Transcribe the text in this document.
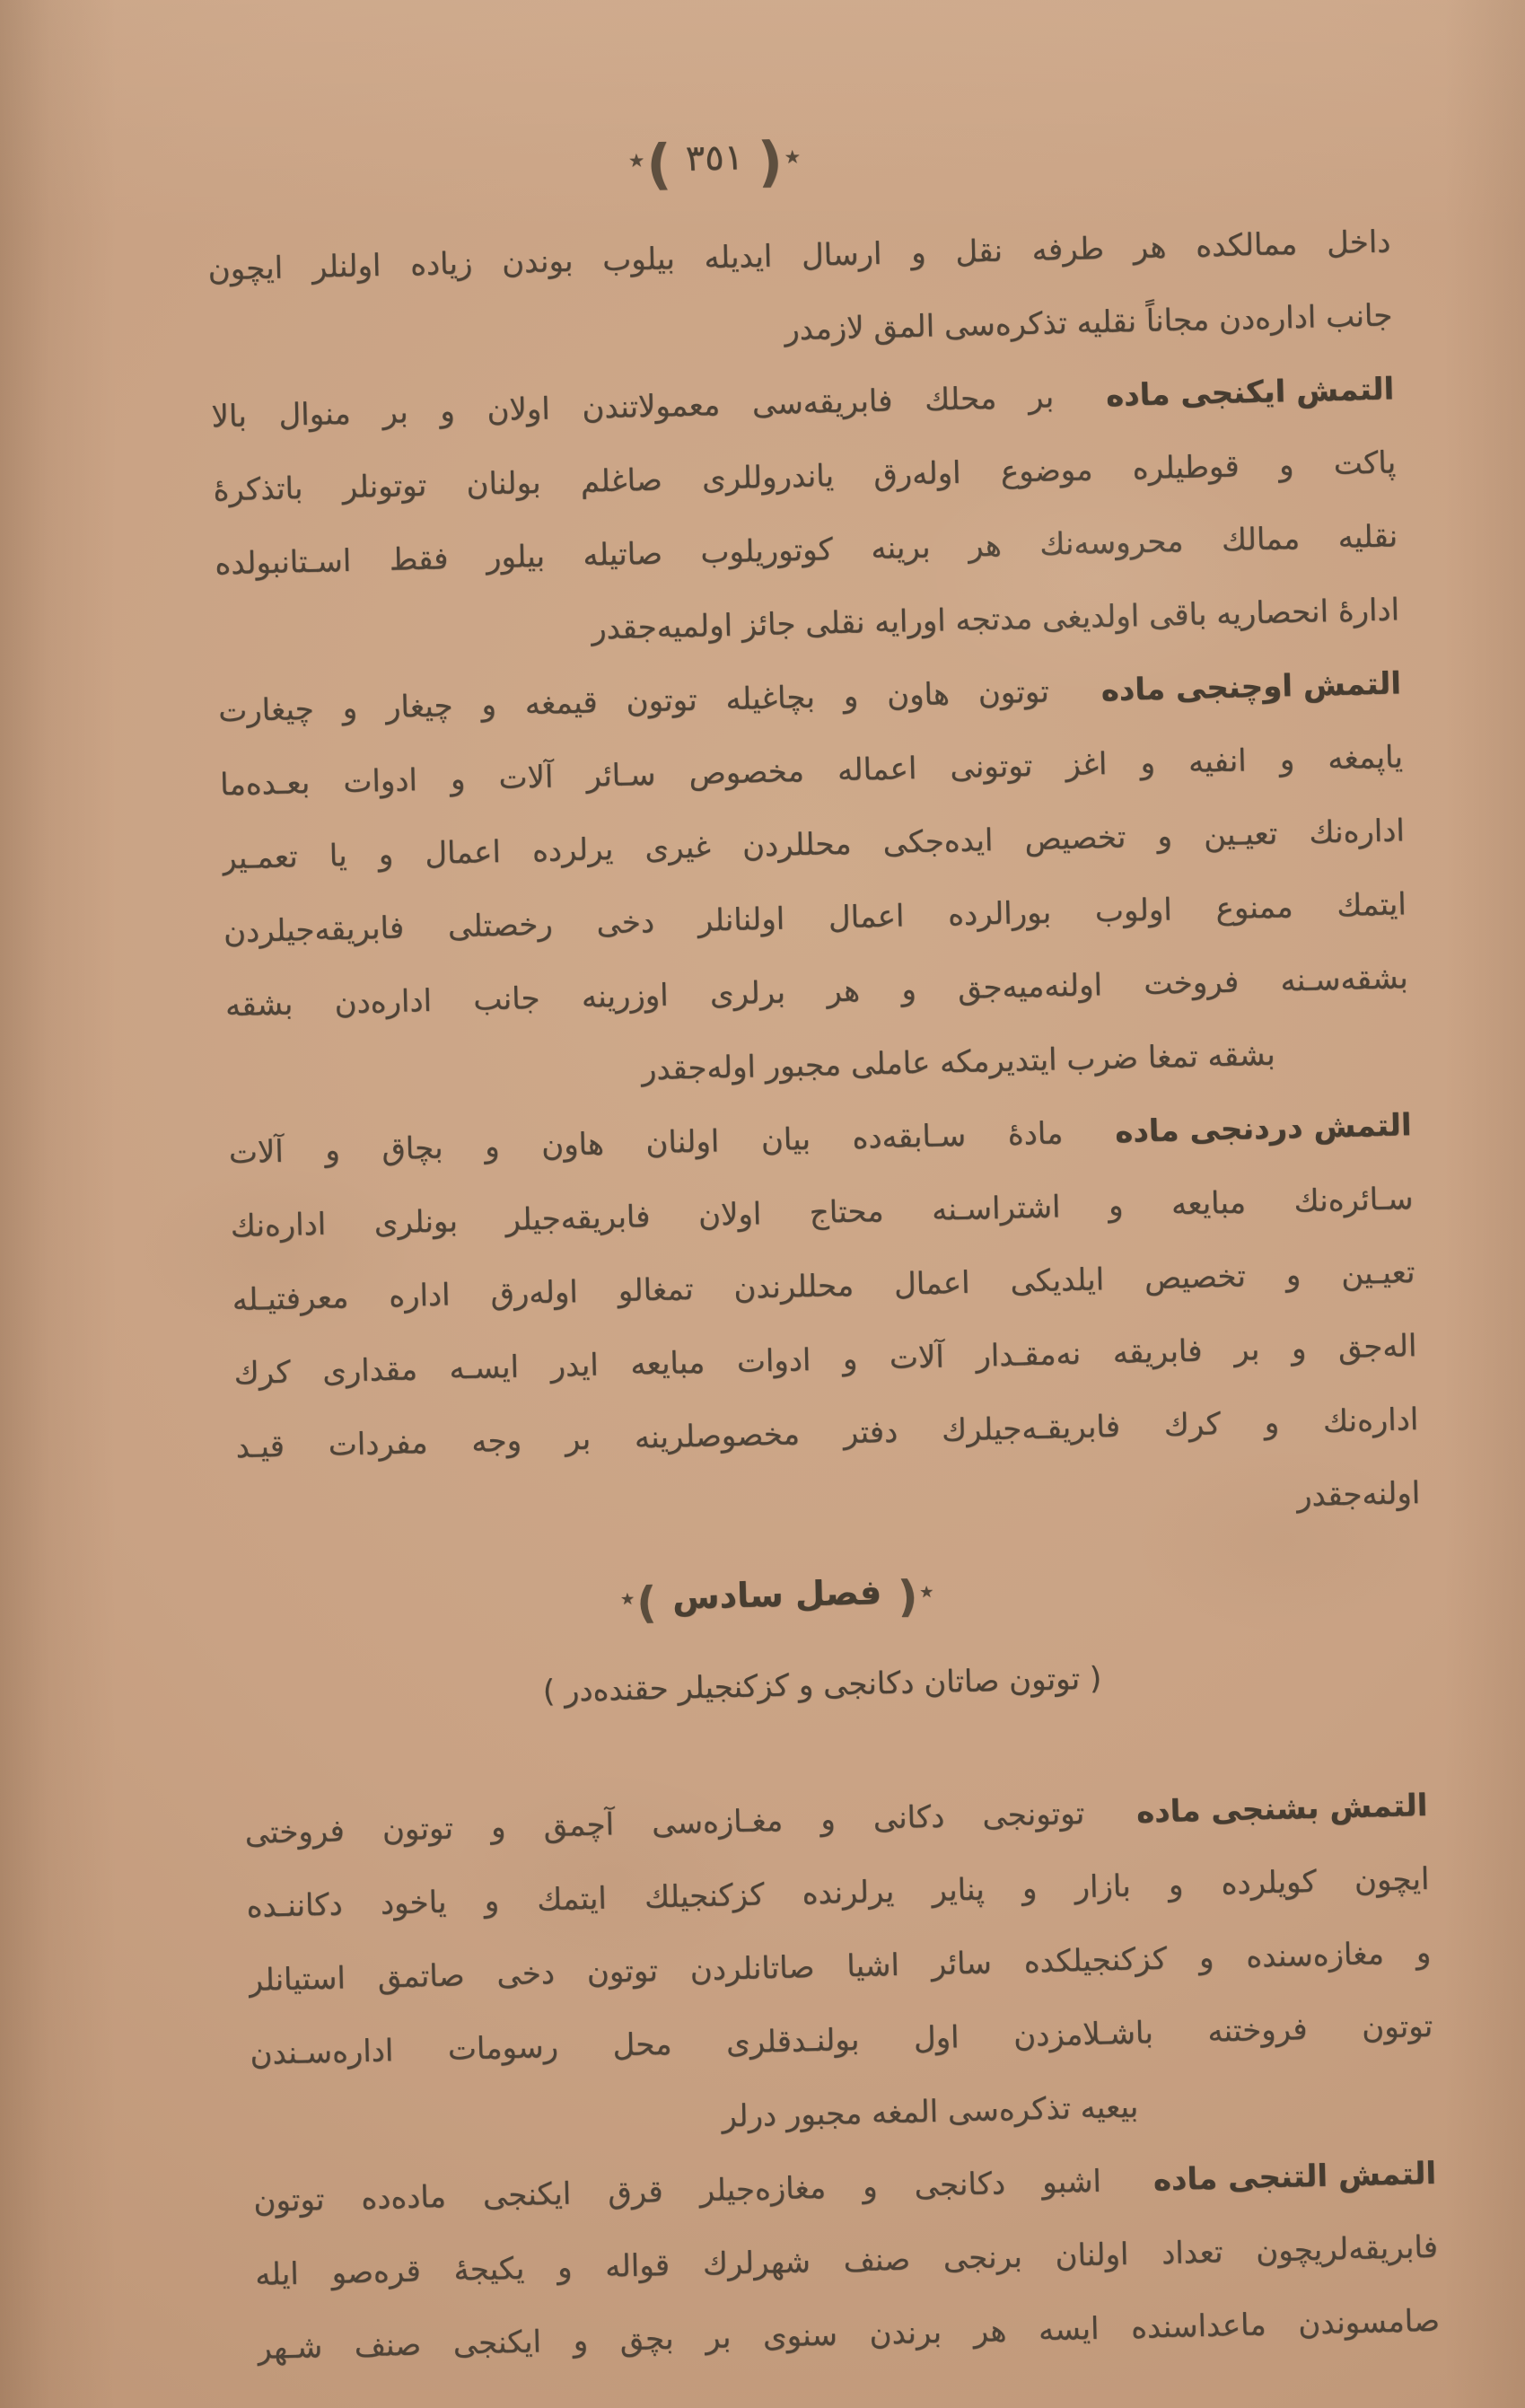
٭
(
٣٥١
)
٭
داخل ممالكده هر طرفه نقل و ارسال ایدیله بیلوب بوندن زیاده اولنلر ایچون
جانب اداره‌دن مجاناً نقلیه تذكره‌سی المق لازمدر
التمش ایكنجی ماده
بر محلك فابریقه‌سی معمولاتندن اولان و بر منوال بالا
پاكت و قوطیلره موضوع اوله‌رق یاندروللری صاغلم بولنان توتونلر باتذكرهٔ
نقلیه ممالك محروسه‌نك هر برینه كوتوریلوب صاتیله بیلور فقط اسـتانبولده
ادارهٔ انحصاریه باقی اولدیغی مدتجه اورایه نقلی جائز اولمیه‌جقدر
التمش اوچنجی ماده
توتون هاون و بچاغیله توتون قیمغه و چیغار و چیغارت
یاپمغه و انفیه و اغز توتونی اعماله مخصوص سـائر آلات و ادوات بعـده‌ما
اداره‌نك تعیـین و تخصیص ایده‌جكی محللردن غیری یرلرده اعمال و یا تعمـیر
ایتمك ممنوع اولوب بورالرده اعمال اولنانلر دخی رخصتلی فابریقه‌جیلردن
بشقه‌سـنه فروخت اولنه‌میه‌جق و هر برلری اوزرینه جانب اداره‌دن بشقه
بشقه تمغا ضرب ایتدیرمكه عاملی مجبور اوله‌جقدر
التمش دردنجی ماده
مادهٔ سـابقه‌ده بیان اولنان هاون و بچاق و آلات
سـائره‌نك مبایعه و اشتراسـنه محتاج اولان فابریقه‌جیلر بونلری اداره‌نك
تعیـین و تخصیص ایلدیكی اعمال محللرندن تمغالو اوله‌رق اداره معرفتیـله
اله‌جق و بر فابریقه نه‌مقـدار آلات و ادوات مبایعه ایدر ایسـه مقداری كرك
اداره‌نك و كرك فابریقـه‌جیلرك دفتر مخصوصلرینه بر وجه مفردات قیـد
اولنه‌جقدر
٭
(
فصل سادس
)
٭
( توتون صاتان دكانجی و كزكنجیلر حقنده‌در )
التمش بشنجی ماده
توتونجی دكانی و مغـازه‌سی آچمق و توتون فروختی
ایچون كویلرده و بازار و پنایر یرلرنده كزكنجیلك ایتمك و یاخود دكاننـده
و مغازه‌سنده و كزكنجیلكده سائر اشیا صاتانلردن توتون دخی صاتمق استیانلر
توتون فروختنه باشـلامزدن اول بولنـدقلری محل رسومات اداره‌سـندن
بیعیه تذكره‌سی المغه مجبور درلر
التمش التنجی ماده
اشبو دكانجی و مغازه‌جیلر قرق ایكنجی ماده‌ده توتون
فابریقه‌لریچون تعداد اولنان برنجی صنف شهرلرك قواله و یكیجهٔ قره‌صو ایله
صامسوندن ماعداسنده ایسه هر برندن سنوی بر بچق و ایكنجی صنف شـهر
